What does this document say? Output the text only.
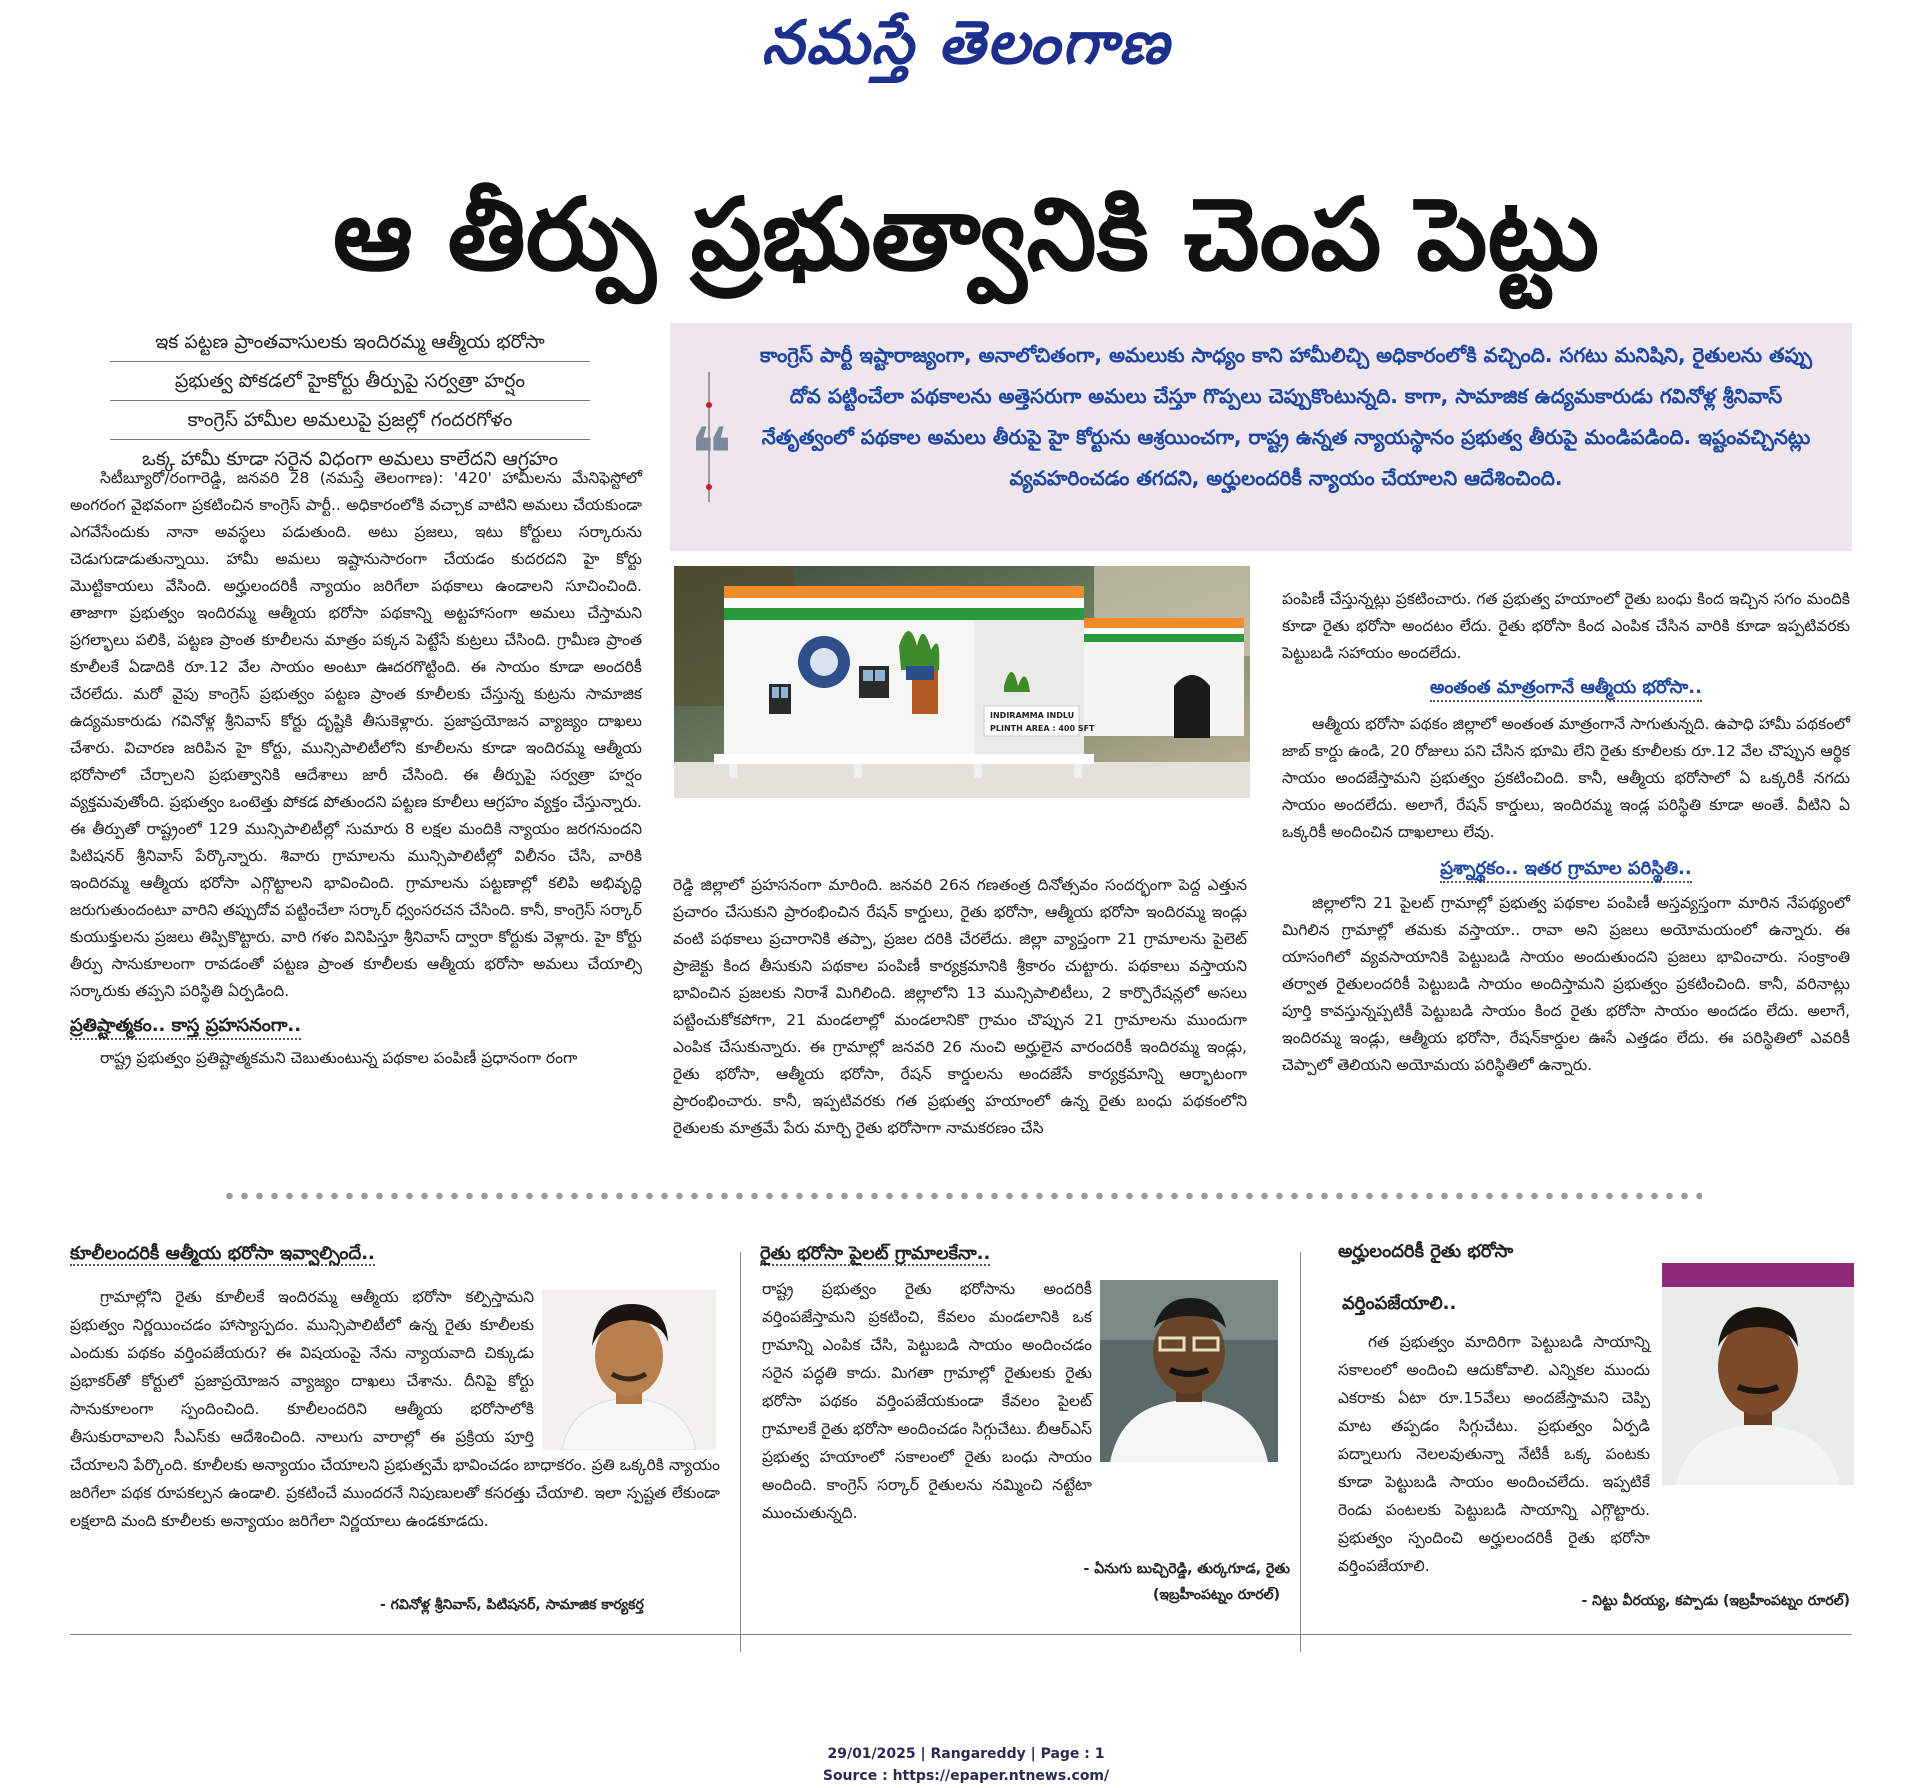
నమస్తే తెలంగాణ
ఆ తీర్పు ప్రభుత్వానికి చెంప పెట్టు
ఇక పట్టణ ప్రాంతవాసులకు ఇందిరమ్మ ఆత్మీయ భరోసా
ప్రభుత్వ పోకడలో హైకోర్టు తీర్పుపై సర్వత్రా హర్షం
కాంగ్రెస్ హామీల అమలుపై ప్రజల్లో గందరగోళం
ఒక్క హామీ కూడా సరైన విధంగా అమలు కాలేదని ఆగ్రహం
కాంగ్రెస్ పార్టీ ఇష్టారాజ్యంగా, అనాలోచితంగా, అమలుకు సాధ్యం కాని హామీలిచ్చి అధికారంలోకి వచ్చింది. సగటు మనిషిని, రైతులను తప్పు దోవ పట్టించేలా పథకాలను అత్తెసరుగా అమలు చేస్తూ గొప్పలు చెప్పుకొంటున్నది. కాగా, సామాజిక ఉద్యమకారుడు గవినోళ్ల శ్రీనివాస్ నేతృత్వంలో పథకాల అమలు తీరుపై హై కోర్టును ఆశ్రయించగా, రాష్ట్ర ఉన్నత న్యాయస్థానం ప్రభుత్వ తీరుపై మండిపడింది. ఇష్టంవచ్చినట్లు వ్యవహరించడం తగదని, అర్హులందరికీ న్యాయం చేయాలని ఆదేశించింది.
❝

సిటీబ్యూరో/రంగారెడ్డి, జనవరి 28 (నమస్తే తెలంగాణ): '420' హామీలను మేనిఫెస్టోలో అంగరంగ వైభవంగా ప్రకటించిన కాంగ్రెస్ పార్టీ.. అధికారంలోకి వచ్చాక వాటిని అమలు చేయకుండా ఎగవేసేందుకు నానా అవస్థలు పడుతుంది. అటు ప్రజలు, ఇటు కోర్టులు సర్కారును చెడుగుడాడుతున్నాయి. హామీ అమలు ఇష్టానుసారంగా చేయడం కుదరదని హై కోర్టు మొట్టికాయలు వేసింది. అర్హులందరికీ న్యాయం జరిగేలా పథకాలు ఉండాలని సూచించింది. తాజాగా ప్రభుత్వం ఇందిరమ్మ ఆత్మీయ భరోసా పథకాన్ని అట్టహాసంగా అమలు చేస్తామని ప్రగల్భాలు పలికి, పట్టణ ప్రాంత కూలీలను మాత్రం పక్కన పెట్టేసే కుట్రలు చేసింది. గ్రామీణ ప్రాంత కూలీలకే ఏడాదికి రూ.12 వేల సాయం అంటూ ఊదరగొట్టింది. ఈ సాయం కూడా అందరికీ చేరలేదు. మరో వైపు కాంగ్రెస్ ప్రభుత్వం పట్టణ ప్రాంత కూలీలకు చేస్తున్న కుట్రను సామాజిక ఉద్యమకారుడు గవినోళ్ల శ్రీనివాస్ కోర్టు దృష్టికి తీసుకెళ్లారు. ప్రజాప్రయోజన వ్యాజ్యం దాఖలు చేశారు. విచారణ జరిపిన హై కోర్టు, మున్సిపాలిటీలోని కూలీలను కూడా ఇందిరమ్మ ఆత్మీయ భరోసాలో చేర్చాలని ప్రభుత్వానికి ఆదేశాలు జారీ చేసింది. ఈ తీర్పుపై సర్వత్రా హర్షం వ్యక్తమవుతోంది. ప్రభుత్వం ఒంటెత్తు పోకడ పోతుందని పట్టణ కూలీలు ఆగ్రహం వ్యక్తం చేస్తున్నారు. ఈ తీర్పుతో రాష్ట్రంలో 129 మున్సిపాలిటీల్లో సుమారు 8 లక్షల మందికి న్యాయం జరగనుందని పిటిషనర్ శ్రీనివాస్ పేర్కొన్నారు. శివారు గ్రామాలను మున్సిపాలిటీల్లో విలీనం చేసి, వారికి ఇందిరమ్మ ఆత్మీయ భరోసా ఎగ్గొట్టాలని భావించింది. గ్రామాలను పట్టణాల్లో కలిపి అభివృద్ధి జరుగుతుందంటూ వారిని తప్పుదోవ పట్టించేలా సర్కార్ ధ్వంసరచన చేసింది. కానీ, కాంగ్రెస్ సర్కార్ కుయుక్తులను ప్రజలు తిప్పికొట్టారు. వారి గళం వినిపిస్తూ శ్రీనివాస్ ద్వారా కోర్టుకు వెళ్లారు. హై కోర్టు తీర్పు సానుకూలంగా రావడంతో పట్టణ ప్రాంత కూలీలకు ఆత్మీయ భరోసా అమలు చేయాల్సి సర్కారుకు తప్పని పరిస్థితి ఏర్పడింది.

ప్రతిష్టాత్మకం.. కాస్త ప్రహసనంగా..

రాష్ట్ర ప్రభుత్వం ప్రతిష్టాత్మకమని చెబుతుంటున్న పథకాల పంపిణీ ప్రధానంగా రంగా

INDIRAMMA INDLU
PLINTH AREA : 400 SFT

రెడ్డి జిల్లాలో ప్రహసనంగా మారింది. జనవరి 26న గణతంత్ర దినోత్సవం సందర్భంగా పెద్ద ఎత్తున ప్రచారం చేసుకుని ప్రారంభించిన రేషన్ కార్డులు, రైతు భరోసా, ఆత్మీయ భరోసా ఇందిరమ్మ ఇండ్లు వంటి పథకాలు ప్రచారానికి తప్పా, ప్రజల దరికి చేరలేదు. జిల్లా వ్యాప్తంగా 21 గ్రామాలను పైలెట్ ప్రాజెక్టు కింద తీసుకుని పథకాల పంపిణీ కార్యక్రమానికి శ్రీకారం చుట్టారు. పథకాలు వస్తాయని భావించిన ప్రజలకు నిరాశే మిగిలింది. జిల్లాలోని 13 మున్సిపాలిటీలు, 2 కార్పొరేషన్లలో అసలు పట్టించుకోకపోగా, 21 మండలాల్లో మండలానికొ గ్రామం చొప్పున 21 గ్రామాలను ముందుగా ఎంపిక చేసుకున్నారు. ఈ గ్రామాల్లో జనవరి 26 నుంచి అర్హులైన వారందరికీ ఇందిరమ్మ ఇండ్లు, రైతు భరోసా, ఆత్మీయ భరోసా, రేషన్ కార్డులను అందజేసే కార్యక్రమాన్ని ఆర్భాటంగా ప్రారంభించారు. కానీ, ఇప్పటివరకు గత ప్రభుత్వ హయాంలో ఉన్న రైతు బంధు పథకంలోని రైతులకు మాత్రమే పేరు మార్చి రైతు భరోసాగా నామకరణం చేసి

పంపిణీ చేస్తున్నట్లు ప్రకటించారు. గత ప్రభుత్వ హయాంలో రైతు బంధు కింద ఇచ్చిన సగం మందికి కూడా రైతు భరోసా అందటం లేదు. రైతు భరోసా కింద ఎంపిక చేసిన వారికి కూడా ఇప్పటివరకు పెట్టుబడి సహాయం అందలేదు.

అంతంత మాత్రంగానే ఆత్మీయ భరోసా..

ఆత్మీయ భరోసా పథకం జిల్లాలో అంతంత మాత్రంగానే సాగుతున్నది. ఉపాధి హామీ పథకంలో జాబ్ కార్డు ఉండి, 20 రోజులు పని చేసిన భూమి లేని రైతు కూలీలకు రూ.12 వేల చొప్పున ఆర్థిక సాయం అందజేస్తామని ప్రభుత్వం ప్రకటించింది. కానీ, ఆత్మీయ భరోసాలో ఏ ఒక్కరికీ నగదు సాయం అందలేదు. అలాగే, రేషన్ కార్డులు, ఇందిరమ్మ ఇండ్ల పరిస్థితి కూడా అంతే. వీటిని ఏ ఒక్కరికీ అందించిన దాఖలాలు లేవు.

ప్రశ్నార్థకం.. ఇతర గ్రామాల పరిస్థితి..

జిల్లాలోని 21 పైలట్ గ్రామాల్లో ప్రభుత్వ పథకాల పంపిణీ అస్తవ్యస్తంగా మారిన నేపథ్యంలో మిగిలిన గ్రామాల్లో తమకు వస్తాయా.. రావా అని ప్రజలు అయోమయంలో ఉన్నారు. ఈ యాసంగిలో వ్యవసాయానికి పెట్టుబడి సాయం అందుతుందని ప్రజలు భావించారు. సంక్రాంతి తర్వాత రైతులందరికీ పెట్టుబడి సాయం అందిస్తామని ప్రభుత్వం ప్రకటించింది. కానీ, వరినాట్లు పూర్తి కావస్తున్నప్పటికీ పెట్టుబడి సాయం కింద రైతు భరోసా సాయం అందడం లేదు. అలాగే, ఇందిరమ్మ ఇండ్లు, ఆత్మీయ భరోసా, రేషన్‌కార్డుల ఊసే ఎత్తడం లేదు. ఈ పరిస్థితిలో ఎవరికీ చెప్పాలో తెలియని అయోమయ పరిస్థితిలో ఉన్నారు.

కూలీలందరికీ ఆత్మీయ భరోసా ఇవ్వాల్సిందే..

గ్రామాల్లోని రైతు కూలీలకే ఇందిరమ్మ ఆత్మీయ భరోసా కల్పిస్తామని ప్రభుత్వం నిర్ణయించడం హాస్యాస్పదం. మున్సిపాలిటీలో ఉన్న రైతు కూలీలకు ఎందుకు పథకం వర్తింపజేయరు? ఈ విషయంపై నేను న్యాయవాది చిక్కుడు ప్రభాకర్‌తో కోర్టులో ప్రజాప్రయోజన వ్యాజ్యం దాఖలు చేశాను. దీనిపై కోర్టు సానుకూలంగా స్పందించింది. కూలీలందరిని ఆత్మీయ భరోసాలోకి తీసుకురావాలని సీఎస్‌కు ఆదేశించింది. నాలుగు వారాల్లో ఈ ప్రక్రియ పూర్తి చేయాలని పేర్కొంది. కూలీలకు అన్యాయం చేయాలని ప్రభుత్వమే భావించడం బాధాకరం. ప్రతి ఒక్కరికి న్యాయం జరిగేలా పథక రూపకల్పన ఉండాలి. ప్రకటించే ముందరనే నిపుణులతో కసరత్తు చేయాలి. ఇలా స్పష్టత లేకుండా లక్షలాది మంది కూలీలకు అన్యాయం జరిగేలా నిర్ణయాలు ఉండకూడదు.

- గవినోళ్ల శ్రీనివాస్, పిటిషనర్, సామాజిక కార్యకర్త
రైతు భరోసా పైలట్ గ్రామాలకేనా..

రాష్ట్ర ప్రభుత్వం రైతు భరోసాను అందరికీ వర్తింపజేస్తామని ప్రకటించి, కేవలం మండలానికి ఒక గ్రామాన్ని ఎంపిక చేసి, పెట్టుబడి సాయం అందించడం సరైన పద్ధతి కాదు. మిగతా గ్రామాల్లో రైతులకు రైతు భరోసా పథకం వర్తింపజేయకుండా కేవలం పైలట్ గ్రామాలకే రైతు భరోసా అందించడం సిగ్గుచేటు. బీఆర్ఎస్ ప్రభుత్వ హయాంలో సకాలంలో రైతు బంధు సాయం అందింది. కాంగ్రెస్ సర్కార్ రైతులను నమ్మించి నట్టేటా ముంచుతున్నది.

- ఏనుగు బుచ్చిరెడ్డి, తుర్కగూడ, రైతు
(ఇబ్రహీంపట్నం రూరల్)
అర్హులందరికీ రైతు భరోసా
వర్తింపజేయాలి..

గత ప్రభుత్వం మాదిరిగా పెట్టుబడి సాయాన్ని సకాలంలో అందించి ఆదుకోవాలి. ఎన్నికల ముందు ఎకరాకు ఏటా రూ.15వేలు అందజేస్తామని చెప్పి మాట తప్పడం సిగ్గుచేటు. ప్రభుత్వం ఏర్పడి పద్నాలుగు నెలలవుతున్నా నేటికీ ఒక్క పంటకు కూడా పెట్టుబడి సాయం అందించలేదు. ఇప్పటికే రెండు పంటలకు పెట్టుబడి సాయాన్ని ఎగ్గొట్టారు. ప్రభుత్వం స్పందించి అర్హులందరికీ రైతు భరోసా వర్తింపజేయాలి.

- నిట్టు వీరయ్య, కప్పాడు (ఇబ్రహీంపట్నం రూరల్)
29/01/2025 | Rangareddy | Page : 1
Source : https://epaper.ntnews.com/
